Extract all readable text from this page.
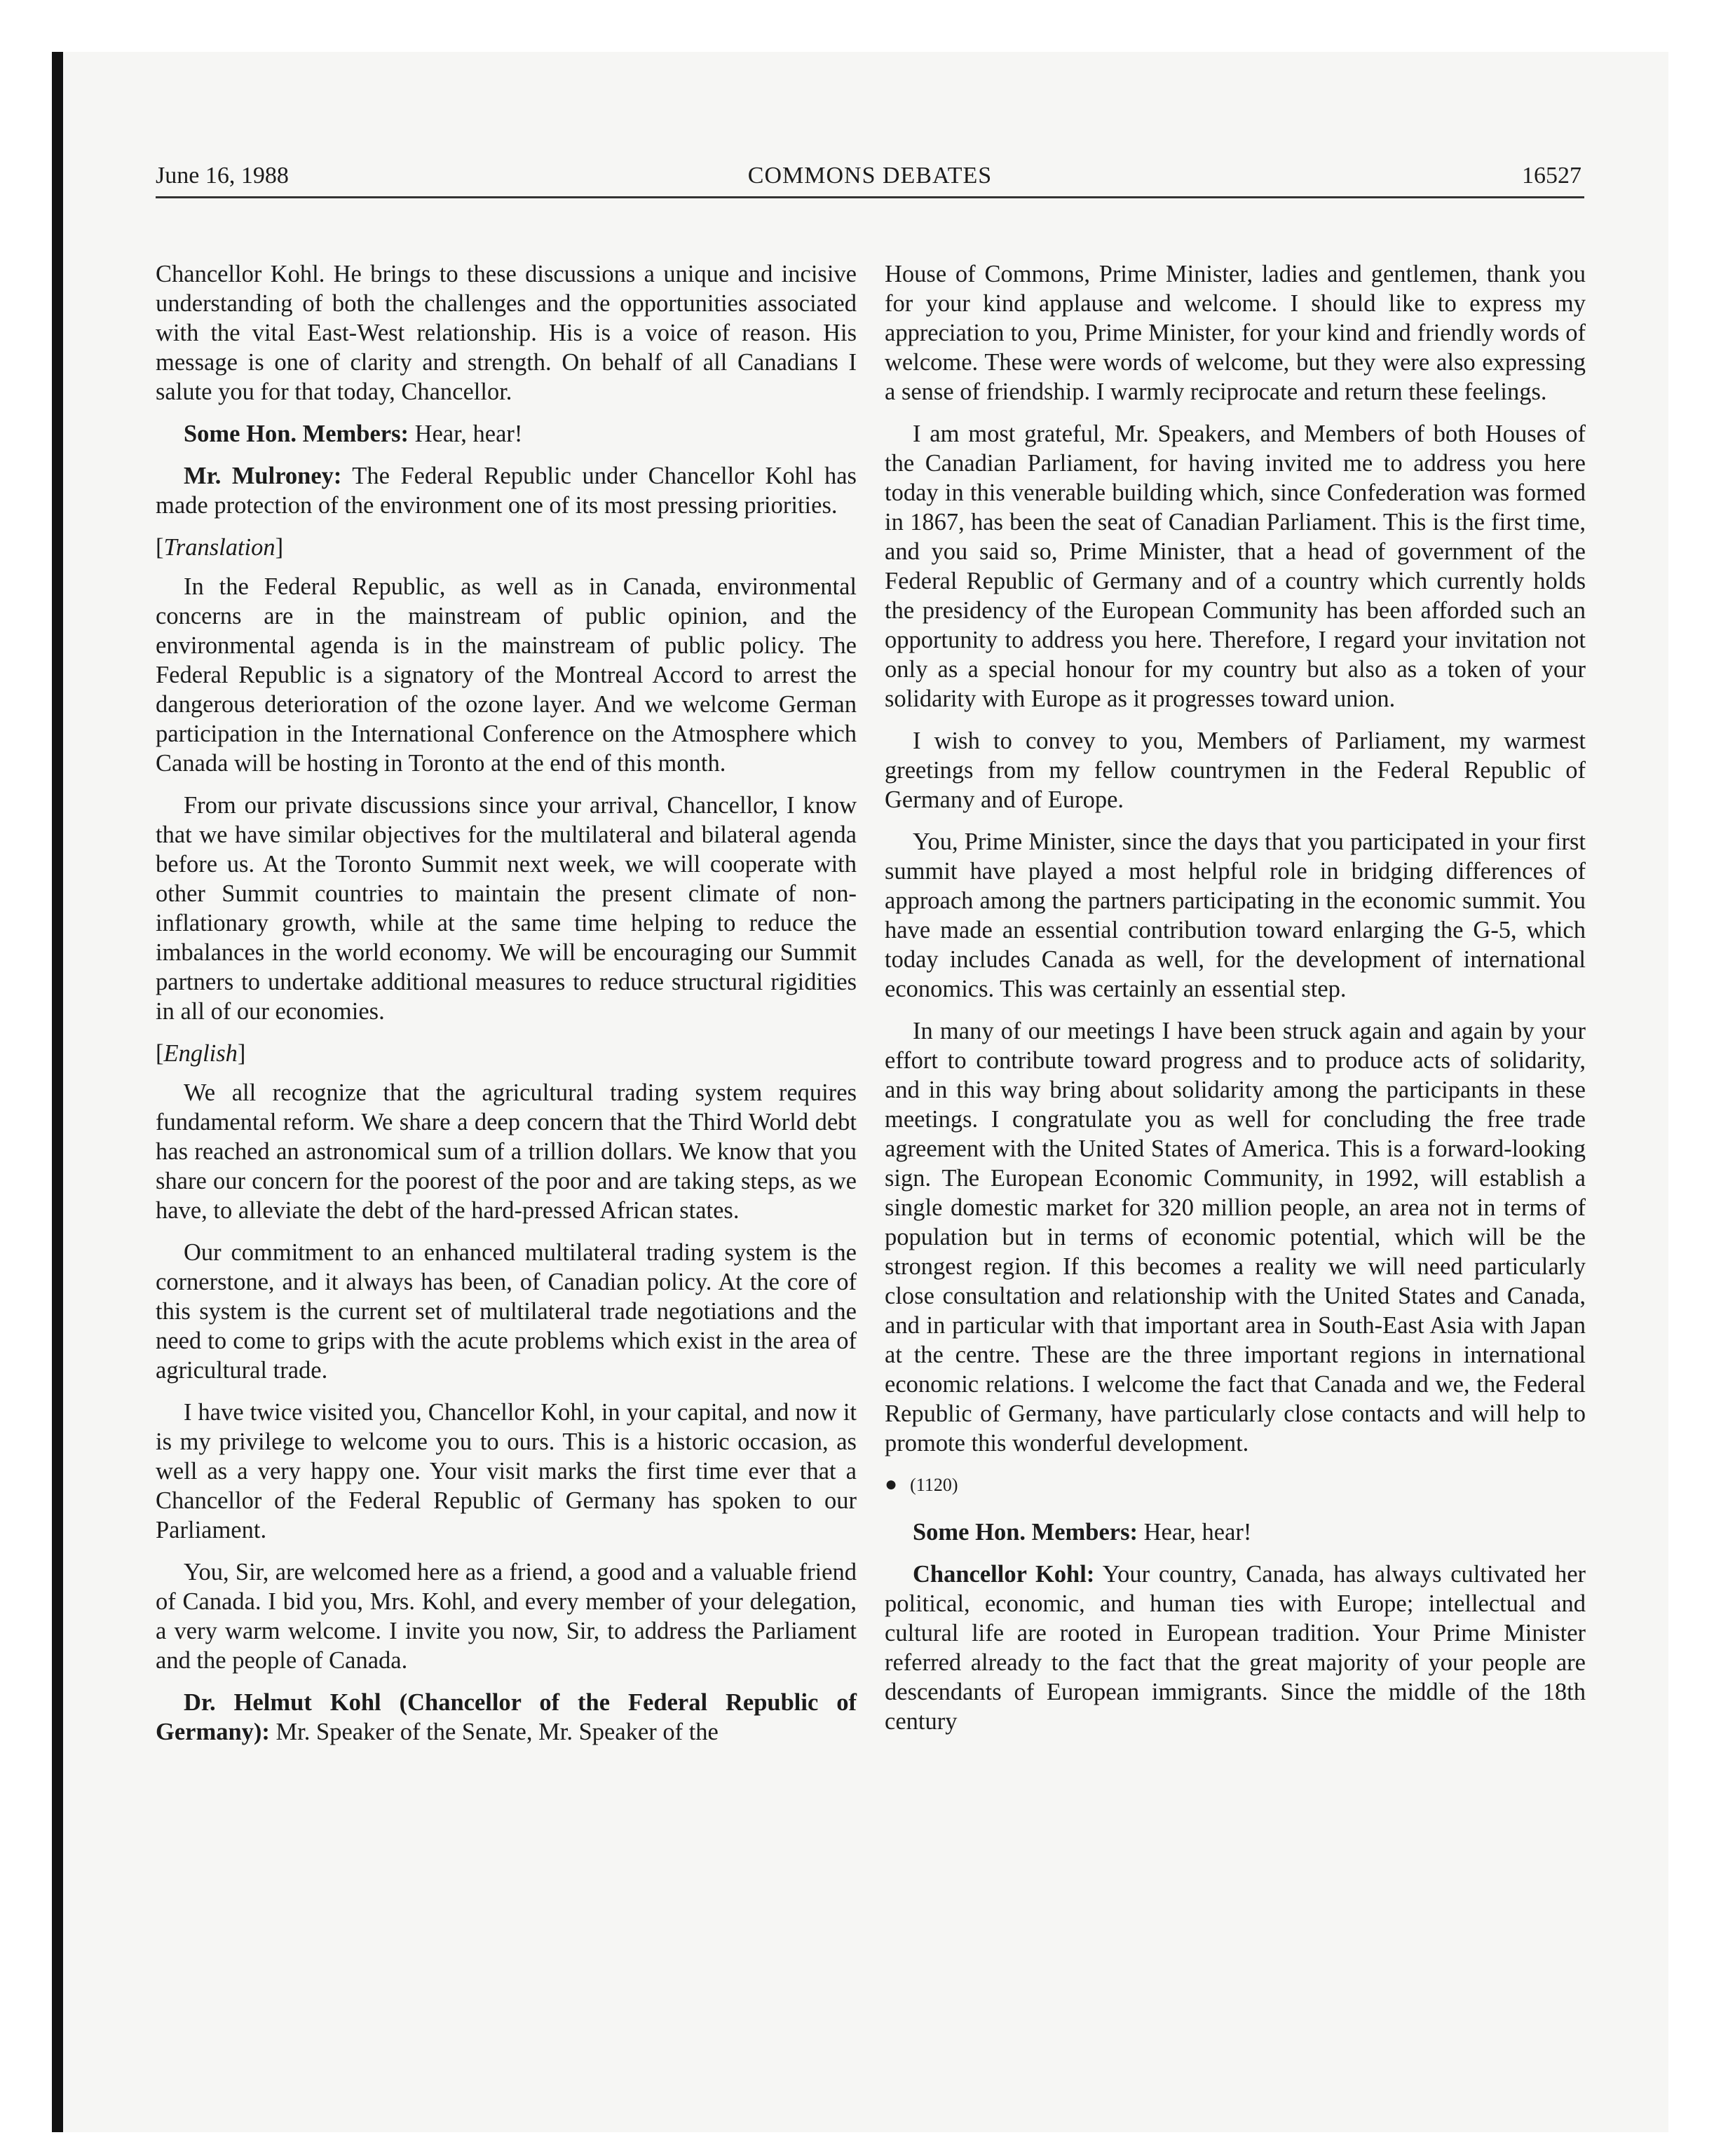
June 16, 1988	COMMONS DEBATES	16527

Chancellor Kohl. He brings to these discussions a unique and incisive understanding of both the challenges and the opportunities associated with the vital East-West relationship. His is a voice of reason. His message is one of clarity and strength. On behalf of all Canadians I salute you for that today, Chancellor.

Some Hon. Members: Hear, hear!

Mr. Mulroney: The Federal Republic under Chancellor Kohl has made protection of the environment one of its most pressing priorities.

[Translation]

In the Federal Republic, as well as in Canada, environmental concerns are in the mainstream of public opinion, and the environmental agenda is in the mainstream of public policy. The Federal Republic is a signatory of the Montreal Accord to arrest the dangerous deterioration of the ozone layer. And we welcome German participation in the International Conference on the Atmosphere which Canada will be hosting in Toronto at the end of this month.

From our private discussions since your arrival, Chancellor, I know that we have similar objectives for the multilateral and bilateral agenda before us. At the Toronto Summit next week, we will cooperate with other Summit countries to maintain the present climate of non-inflationary growth, while at the same time helping to reduce the imbalances in the world economy. We will be encouraging our Summit partners to undertake additional measures to reduce structural rigidities in all of our economies.

[English]

We all recognize that the agricultural trading system requires fundamental reform. We share a deep concern that the Third World debt has reached an astronomical sum of a trillion dollars. We know that you share our concern for the poorest of the poor and are taking steps, as we have, to alleviate the debt of the hard-pressed African states.

Our commitment to an enhanced multilateral trading system is the cornerstone, and it always has been, of Canadian policy. At the core of this system is the current set of multilateral trade negotiations and the need to come to grips with the acute problems which exist in the area of agricultural trade.

I have twice visited you, Chancellor Kohl, in your capital, and now it is my privilege to welcome you to ours. This is a historic occasion, as well as a very happy one. Your visit marks the first time ever that a Chancellor of the Federal Republic of Germany has spoken to our Parliament.

You, Sir, are welcomed here as a friend, a good and a valuable friend of Canada. I bid you, Mrs. Kohl, and every member of your delegation, a very warm welcome. I invite you now, Sir, to address the Parliament and the people of Canada.

Dr. Helmut Kohl (Chancellor of the Federal Republic of Germany): Mr. Speaker of the Senate, Mr. Speaker of the

House of Commons, Prime Minister, ladies and gentlemen, thank you for your kind applause and welcome. I should like to express my appreciation to you, Prime Minister, for your kind and friendly words of welcome. These were words of welcome, but they were also expressing a sense of friendship. I warmly reciprocate and return these feelings.

I am most grateful, Mr. Speakers, and Members of both Houses of the Canadian Parliament, for having invited me to address you here today in this venerable building which, since Confederation was formed in 1867, has been the seat of Canadian Parliament. This is the first time, and you said so, Prime Minister, that a head of government of the Federal Republic of Germany and of a country which currently holds the presidency of the European Community has been afforded such an opportunity to address you here. Therefore, I regard your invitation not only as a special honour for my country but also as a token of your solidarity with Europe as it progresses toward union.

I wish to convey to you, Members of Parliament, my warmest greetings from my fellow countrymen in the Federal Republic of Germany and of Europe.

You, Prime Minister, since the days that you participated in your first summit have played a most helpful role in bridging differences of approach among the partners participating in the economic summit. You have made an essential contribution toward enlarging the G-5, which today includes Canada as well, for the development of international economics. This was certainly an essential step.

In many of our meetings I have been struck again and again by your effort to contribute toward progress and to produce acts of solidarity, and in this way bring about solidarity among the participants in these meetings. I congratulate you as well for concluding the free trade agreement with the United States of America. This is a forward-looking sign. The European Economic Community, in 1992, will establish a single domestic market for 320 million people, an area not in terms of population but in terms of economic potential, which will be the strongest region. If this becomes a reality we will need particularly close consultation and relationship with the United States and Canada, and in particular with that important area in South-East Asia with Japan at the centre. These are the three important regions in international economic relations. I welcome the fact that Canada and we, the Federal Republic of Germany, have particularly close contacts and will help to promote this wonderful development.

● (1120)

Some Hon. Members: Hear, hear!

Chancellor Kohl: Your country, Canada, has always cultivated her political, economic, and human ties with Europe; intellectual and cultural life are rooted in European tradition. Your Prime Minister referred already to the fact that the great majority of your people are descendants of European immigrants. Since the middle of the 18th century
